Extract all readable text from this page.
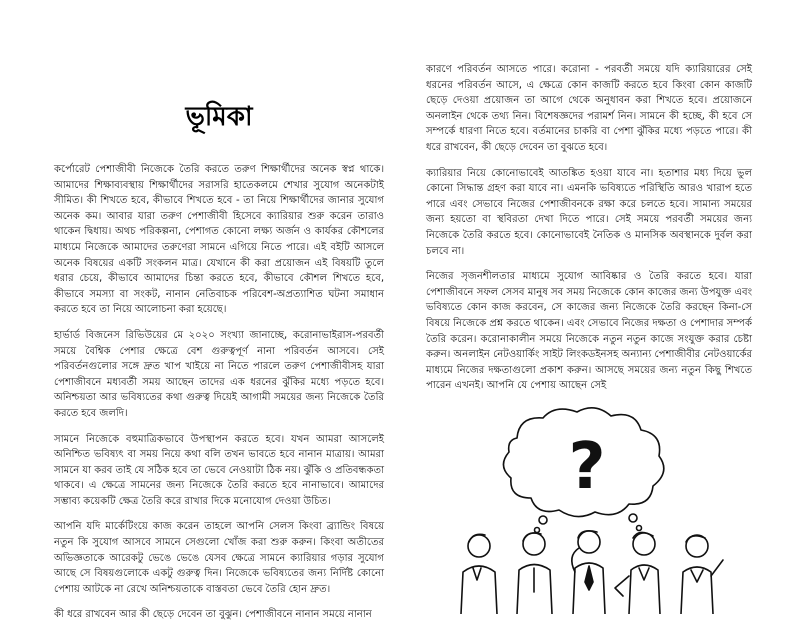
ভূমিকা

কর্পোরেট পেশাজীবী নিজেকে তৈরি করতে তরুণ শিক্ষার্থীদের অনেক স্বপ্ন থাকে। আমাদের শিক্ষাব্যবস্থায় শিক্ষার্থীদের সরাসরি হাতেকলমে শেখার সুযোগ অনেকটাই সীমিত। কী শিখতে হবে, কীভাবে শিখতে হবে - তা নিয়ে শিক্ষার্থীদের জানার সুযোগ অনেক কম। আবার যারা তরুণ পেশাজীবী হিসেবে ক্যারিয়ার শুরু করেন তারাও থাকেন দ্বিধায়। অথচ পরিকল্পনা, পেশাগত কোনো লক্ষ্য অর্জন ও কার্যকর কৌশলের মাধ্যমে নিজেকে আমাদের তরুণেরা সামনে এগিয়ে নিতে পারে। এই বইটি আসলে অনেক বিষয়ের একটি সংকলন মাত্র। যেখানে কী করা প্রয়োজন এই বিষয়টি তুলে ধরার চেয়ে, কীভাবে আমাদের চিন্তা করতে হবে, কীভাবে কৌশল শিখতে হবে, কীভাবে সমস্যা বা সংকট, নানান নেতিবাচক পরিবেশ-অপ্রত্যাশিত ঘটনা সমাধান করতে হবে তা নিয়ে আলোচনা করা হয়েছে।

হার্ভার্ড বিজনেস রিভিউয়ের মে ২০২০ সংখ্যা জানাচ্ছে, করোনাভাইরাস-পরবর্তী সময়ে বৈশ্বিক পেশার ক্ষেত্রে বেশ গুরুত্বপূর্ণ নানা পরিবর্তন আসবে। সেই পরিবর্তনগুলোর সঙ্গে দ্রুত খাপ খাইয়ে না নিতে পারলে তরুণ পেশাজীবীসহ যারা পেশাজীবনে মধ্যবর্তী সময় আছেন তাদের এক ধরনের ঝুঁকির মধ্যে পড়তে হবে। অনিশ্চয়তা আর ভবিষ্যতের কথা গুরুত্ব দিয়েই আগামী সময়ের জন্য নিজেকে তৈরি করতে হবে জলদি।

সামনে নিজেকে বহুমাত্রিকভাবে উপস্থাপন করতে হবে। যখন আমরা আসলেই অনিশ্চিত ভবিষ্যৎ বা সময় নিয়ে কথা বলি তখন ভাবতে হবে নানান মাত্রায়। আমরা সামনে যা করব তাই যে সঠিক হবে তা ভেবে নেওয়াটা ঠিক নয়। ঝুঁকি ও প্রতিবন্ধকতা থাকবে। এ ক্ষেত্রে সামনের জন্য নিজেকে তৈরি করতে হবে নানাভাবে। আমাদের সম্ভাব্য কয়েকটি ক্ষেত্র তৈরি করে রাখার দিকে মনোযোগ দেওয়া উচিত।

আপনি যদি মার্কেটিংয়ে কাজ করেন তাহলে আপনি সেলস কিংবা ব্র্যান্ডিং বিষয়ে নতুন কি সুযোগ আসবে সামনে সেগুলো খোঁজ করা শুরু করুন। কিংবা অতীতের অভিজ্ঞতাকে আরেকটু ভেঙে ভেঙে যেসব ক্ষেত্রে সামনে ক্যারিয়ার গড়ার সুযোগ আছে সে বিষয়গুলোকে একটু গুরুত্ব দিন। নিজেকে ভবিষ্যতের জন্য নির্দিষ্ট কোনো পেশায় আটকে না রেখে অনিশ্চয়তাকে বাস্তবতা ভেবে তৈরি হোন দ্রুত।

কী ধরে রাখবেন আর কী ছেড়ে দেবেন তা বুঝুন। পেশাজীবনে নানান সময়ে নানান

কারণে পরিবর্তন আসতে পারে। করোনা - পরবর্তী সময়ে যদি ক্যারিয়ারের সেই ধরনের পরিবর্তন আসে, এ ক্ষেত্রে কোন কাজটি করতে হবে কিংবা কোন কাজটি ছেড়ে দেওয়া প্রয়োজন তা আগে থেকে অনুধাবন করা শিখতে হবে। প্রয়োজনে অনলাইন থেকে তথ্য নিন। বিশেষজ্ঞদের পরামর্শ নিন। সামনে কী হচ্ছে, কী হবে সে সম্পর্কে ধারণা নিতে হবে। বর্তমানের চাকরি বা পেশা ঝুঁকির মধ্যে পড়তে পারে। কী ধরে রাখবেন, কী ছেড়ে দেবেন তা বুঝতে হবে।

ক্যারিয়ার নিয়ে কোনোভাবেই আতঙ্কিত হওয়া যাবে না। হতাশার মধ্য দিয়ে ভুল কোনো সিদ্ধান্ত গ্রহণ করা যাবে না। এমনকি ভবিষ্যতে পরিস্থিতি আরও খারাপ হতে পারে এবং সেভাবে নিজের পেশাজীবনকে রক্ষা করে চলতে হবে। সামান্য সময়ের জন্য হয়তো বা স্থবিরতা দেখা দিতে পারে। সেই সময়ে পরবর্তী সময়ের জন্য নিজেকে তৈরি করতে হবে। কোনোভাবেই নৈতিক ও মানসিক অবস্থানকে দুর্বল করা চলবে না।

নিজের সৃজনশীলতার মাধ্যমে সুযোগ আবিষ্কার ও তৈরি করতে হবে। যারা পেশাজীবনে সফল সেসব মানুষ সব সময় নিজেকে কোন কাজের জন্য উপযুক্ত এবং ভবিষ্যতে কোন কাজ করবেন, সে কাজের জন্য নিজেকে তৈরি করছেন কিনা-সে বিষয়ে নিজেকে প্রশ্ন করতে থাকেন। এবং সেভাবে নিজের দক্ষতা ও পেশাদার সম্পর্ক তৈরি করেন। করোনাকালীন সময়ে নিজেকে নতুন নতুন কাজে সংযুক্ত করার চেষ্টা করুন। অনলাইন নেটওয়ার্কিং সাইট লিংকডইনসহ অন্যান্য পেশাজীবীর নেটওয়ার্কের মাধ্যমে নিজের দক্ষতাগুলো প্রকাশ করুন। আসছে সময়ের জন্য নতুন কিছু শিখতে পারেন এখনই। আপনি যে পেশায় আছেন সেই

?
